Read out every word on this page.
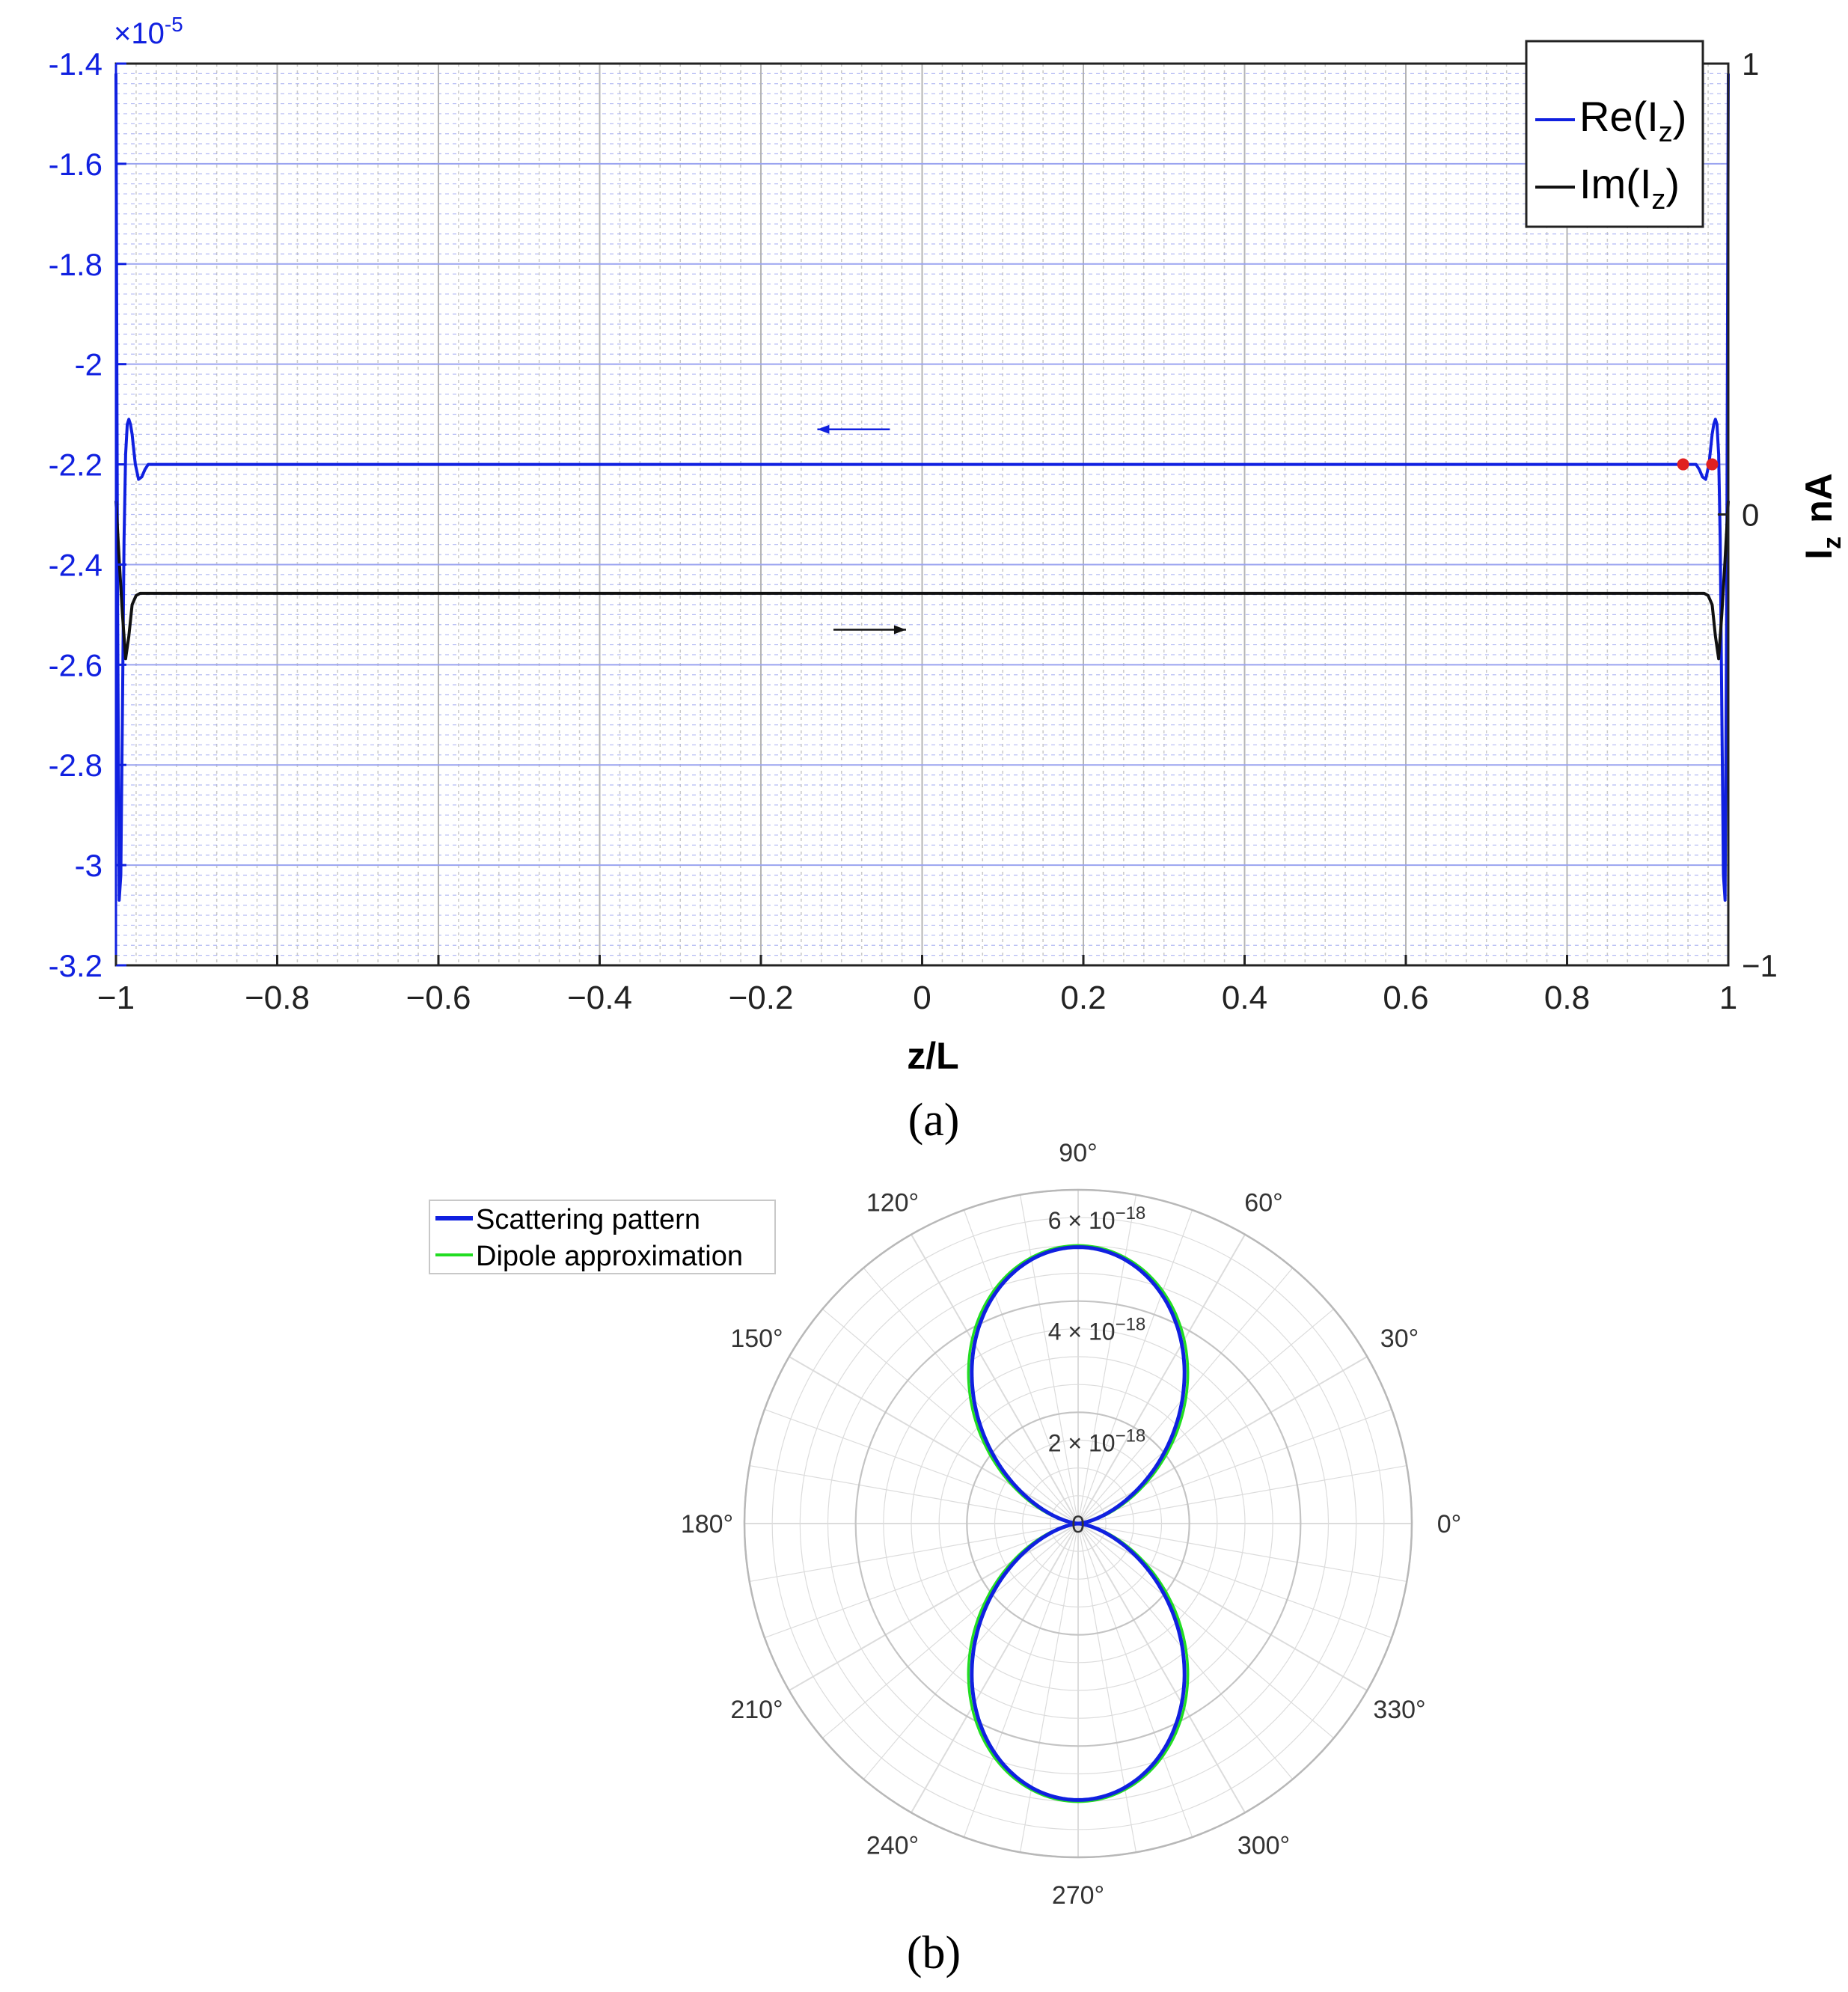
-1.4
-1.6
-1.8
-2
-2.2
-2.4
-2.6
-2.8
-3
-3.2
1
0
−1
−1	−0.8	−0.6	−0.4	−0.2	0	0.2	0.4	0.6	0.8	1
$\times 10^{-5}$
z/L
$I_znA$
$Re(I_z)$
$Im(I_z)$
(a)
0°
30°
60°
90°
120°
150°
180°
210°
240°
270°
300°
330°
0
$2 \times 10^{-18}$
$4 \times 10^{-18}$
$6 \times 10^{-18}$
Scattering pattern
Dipole approximation
(b)
